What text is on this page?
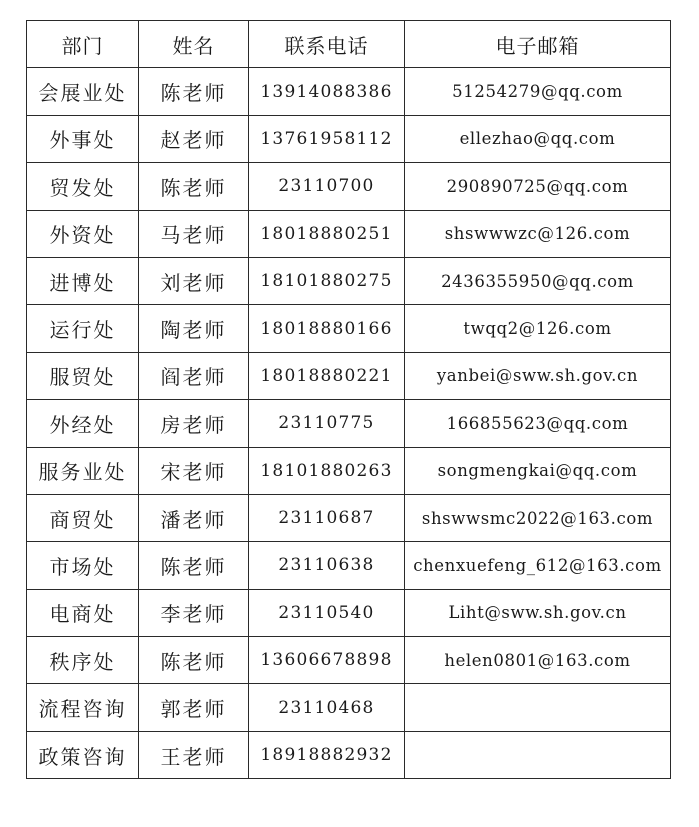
部门	姓名	联系电话	电子邮箱
会展业处	陈老师	13914088386	51254279@qq.com
外事处	赵老师	13761958112	ellezhao@qq.com
贸发处	陈老师	23110700	290890725@qq.com
外资处	马老师	18018880251	shswwwzc@126.com
进博处	刘老师	18101880275	2436355950@qq.com
运行处	陶老师	18018880166	twqq2@126.com
服贸处	阎老师	18018880221	yanbei@sww.sh.gov.cn
外经处	房老师	23110775	166855623@qq.com
服务业处	宋老师	18101880263	songmengkai@qq.com
商贸处	潘老师	23110687	shswwsmc2022@163.com
市场处	陈老师	23110638	chenxuefeng_612@163.com
电商处	李老师	23110540	Liht@sww.sh.gov.cn
秩序处	陈老师	13606678898	helen0801@163.com
流程咨询	郭老师	23110468	
政策咨询	王老师	18918882932	
